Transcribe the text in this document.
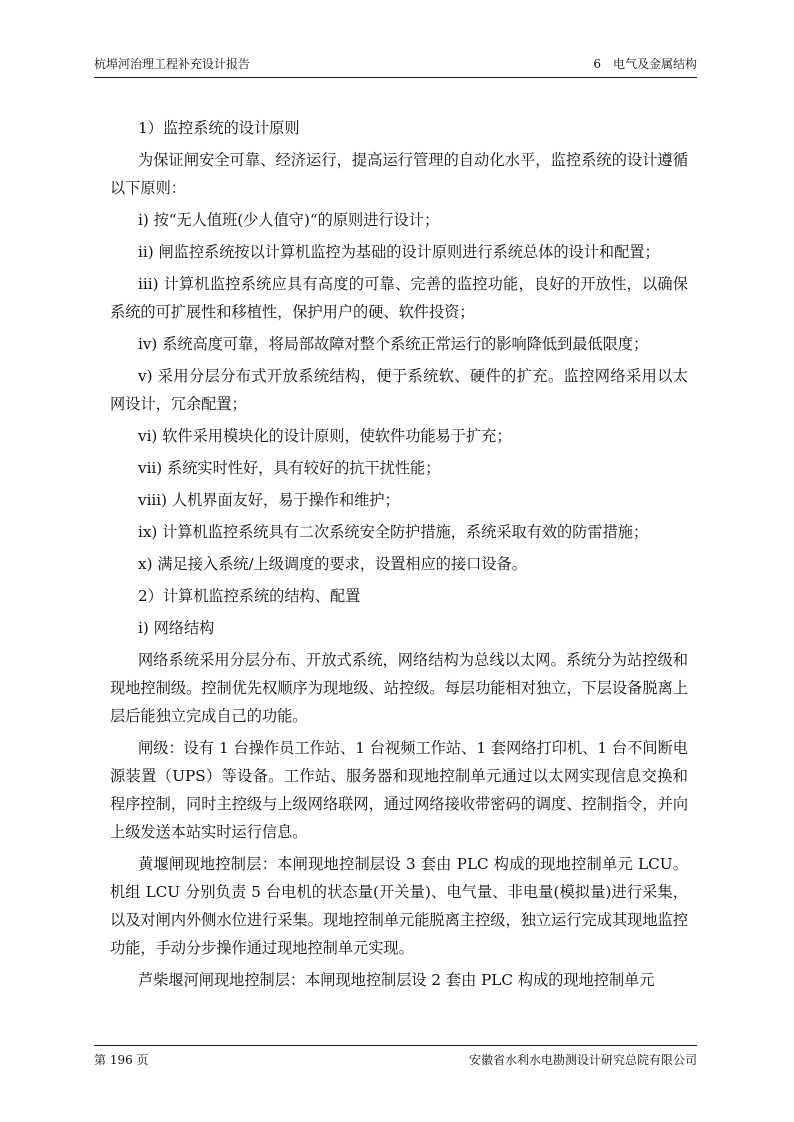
杭埠河治理工程补充设计报告	6　电气及金属结构

1）监控系统的设计原则

为保证闸安全可靠、经济运行，提高运行管理的自动化水平，监控系统的设计遵循以下原则：

i) 按“无人值班(少人值守)“的原则进行设计；

ii) 闸监控系统按以计算机监控为基础的设计原则进行系统总体的设计和配置；

iii) 计算机监控系统应具有高度的可靠、完善的监控功能，良好的开放性，以确保系统的可扩展性和移植性，保护用户的硬、软件投资；

iv) 系统高度可靠，将局部故障对整个系统正常运行的影响降低到最低限度；

v) 采用分层分布式开放系统结构，便于系统软、硬件的扩充。监控网络采用以太网设计，冗余配置；

vi) 软件采用模块化的设计原则，使软件功能易于扩充；

vii) 系统实时性好，具有较好的抗干扰性能；

viii) 人机界面友好，易于操作和维护；

ix) 计算机监控系统具有二次系统安全防护措施，系统采取有效的防雷措施；

x) 满足接入系统/上级调度的要求，设置相应的接口设备。

2）计算机监控系统的结构、配置

i) 网络结构

网络系统采用分层分布、开放式系统，网络结构为总线以太网。系统分为站控级和现地控制级。控制优先权顺序为现地级、站控级。每层功能相对独立，下层设备脱离上层后能独立完成自己的功能。

闸级：设有 1 台操作员工作站、1 台视频工作站、1 套网络打印机、1 台不间断电源装置（UPS）等设备。工作站、服务器和现地控制单元通过以太网实现信息交换和程序控制，同时主控级与上级网络联网，通过网络接收带密码的调度、控制指令，并向上级发送本站实时运行信息。

黄堰闸现地控制层：本闸现地控制层设 3 套由 PLC 构成的现地控制单元 LCU。机组 LCU 分别负责 5 台电机的状态量(开关量)、电气量、非电量(模拟量)进行采集，以及对闸内外侧水位进行采集。现地控制单元能脱离主控级，独立运行完成其现地监控功能，手动分步操作通过现地控制单元实现。

芦柴堰河闸现地控制层：本闸现地控制层设 2 套由 PLC 构成的现地控制单元

第 196 页	安徽省水利水电勘测设计研究总院有限公司
